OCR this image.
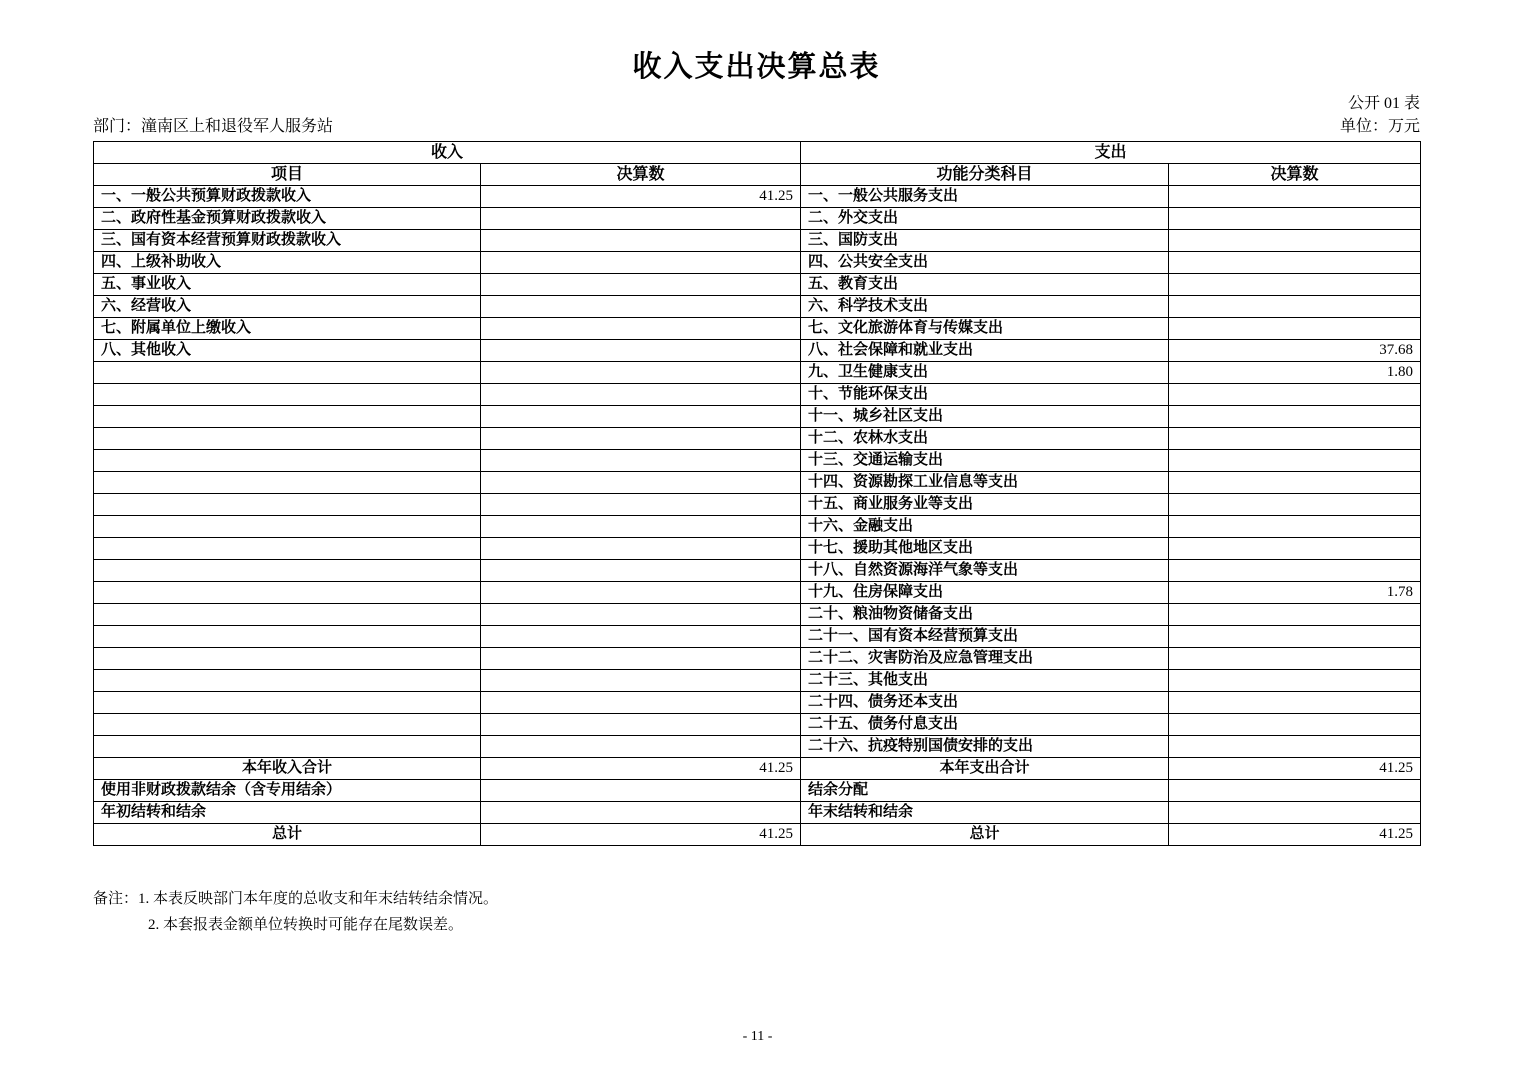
收入支出决算总表
公开 01 表
部门：潼南区上和退役军人服务站	单位：万元
收入		支出	
项目	决算数	功能分类科目	决算数
一、一般公共预算财政拨款收入	41.25	一、一般公共服务支出	
二、政府性基金预算财政拨款收入		二、外交支出	
三、国有资本经营预算财政拨款收入		三、国防支出	
四、上级补助收入		四、公共安全支出	
五、事业收入		五、教育支出	
六、经营收入		六、科学技术支出	
七、附属单位上缴收入		七、文化旅游体育与传媒支出	
八、其他收入		八、社会保障和就业支出	37.68
		九、卫生健康支出	1.80
		十、节能环保支出	
		十一、城乡社区支出	
		十二、农林水支出	
		十三、交通运输支出	
		十四、资源勘探工业信息等支出	
		十五、商业服务业等支出	
		十六、金融支出	
		十七、援助其他地区支出	
		十八、自然资源海洋气象等支出	
		十九、住房保障支出	1.78
		二十、粮油物资储备支出	
		二十一、国有资本经营预算支出	
		二十二、灾害防治及应急管理支出	
		二十三、其他支出	
		二十四、债务还本支出	
		二十五、债务付息支出	
		二十六、抗疫特别国债安排的支出	
本年收入合计	41.25	本年支出合计	41.25
使用非财政拨款结余（含专用结余）		结余分配	
年初结转和结余		年末结转和结余	
总计	41.25	总计	41.25
备注：1. 本表反映部门本年度的总收支和年末结转结余情况。
2. 本套报表金额单位转换时可能存在尾数误差。
- 11 -
